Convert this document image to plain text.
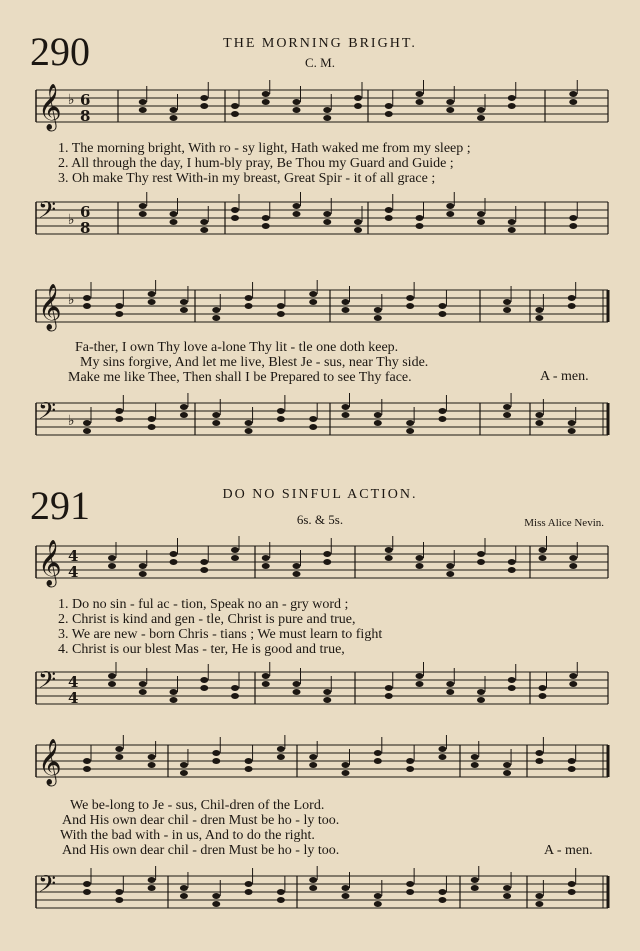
290	THE MORNING BRIGHT.
C. M.
𝄞 ♭ 6
8
1. The morning bright, With ro - sy light, Hath waked me from my sleep ;
2. All through the day, I hum-bly pray, Be Thou my Guard and Guide ;
3. Oh make Thy rest With-in my breast, Great Spir - it of all grace ;
𝄢 ♭ 6
8
𝄞 ♭
Fa-ther, I own Thy love a-lone Thy lit - tle one doth keep.
My sins forgive, And let me live, Blest Je - sus, near Thy side.
Make me like Thee, Then shall I be Prepared to see Thy face.	A - men.
𝄢 ♭
291	DO NO SINFUL ACTION.
6s. & 5s.	Miss Alice Nevin.
𝄞 4
4
1. Do no sin - ful ac - tion, Speak no an - gry word ;
2. Christ is kind and gen - tle, Christ is pure and true,
3. We are new - born Chris - tians ; We must learn to fight
4. Christ is our blest Mas - ter, He is good and true,
𝄢 4
4
𝄞
We be-long to Je - sus, Chil-dren of the Lord.
And His own dear chil - dren Must be ho - ly too.
With the bad with - in us, And to do the right.
And His own dear chil - dren Must be ho - ly too.	A - men.
𝄢
